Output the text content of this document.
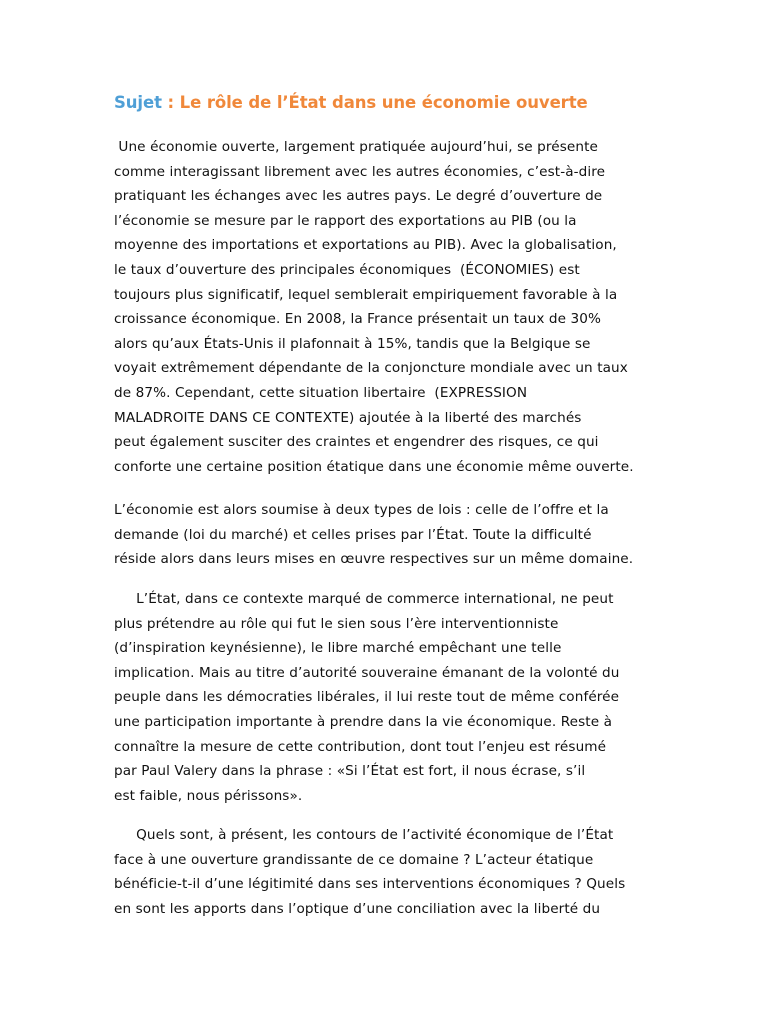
Sujet : Le rôle de l’État dans une économie ouverte
Une économie ouverte, largement pratiquée aujourd’hui, se présente
comme interagissant librement avec les autres économies, c’est-à-dire
pratiquant les échanges avec les autres pays. Le degré d’ouverture de
l’économie se mesure par le rapport des exportations au PIB (ou la
moyenne des importations et exportations au PIB). Avec la globalisation,
le taux d’ouverture des principales économiques  (ÉCONOMIES) est
toujours plus significatif, lequel semblerait empiriquement favorable à la
croissance économique. En 2008, la France présentait un taux de 30%
alors qu’aux États-Unis il plafonnait à 15%, tandis que la Belgique se
voyait extrêmement dépendante de la conjoncture mondiale avec un taux
de 87%. Cependant, cette situation libertaire  (EXPRESSION
MALADROITE DANS CE CONTEXTE) ajoutée à la liberté des marchés
peut également susciter des craintes et engendrer des risques, ce qui
conforte une certaine position étatique dans une économie même ouverte.
L’économie est alors soumise à deux types de lois : celle de l’offre et la
demande (loi du marché) et celles prises par l’État. Toute la difficulté
réside alors dans leurs mises en œuvre respectives sur un même domaine.
L’État, dans ce contexte marqué de commerce international, ne peut
plus prétendre au rôle qui fut le sien sous l’ère interventionniste
(d’inspiration keynésienne), le libre marché empêchant une telle
implication. Mais au titre d’autorité souveraine émanant de la volonté du
peuple dans les démocraties libérales, il lui reste tout de même conférée
une participation importante à prendre dans la vie économique. Reste à
connaître la mesure de cette contribution, dont tout l’enjeu est résumé
par Paul Valery dans la phrase : «Si l’État est fort, il nous écrase, s’il
est faible, nous périssons».
Quels sont, à présent, les contours de l’activité économique de l’État
face à une ouverture grandissante de ce domaine ? L’acteur étatique
bénéficie-t-il d’une légitimité dans ses interventions économiques ? Quels
en sont les apports dans l’optique d’une conciliation avec la liberté du
